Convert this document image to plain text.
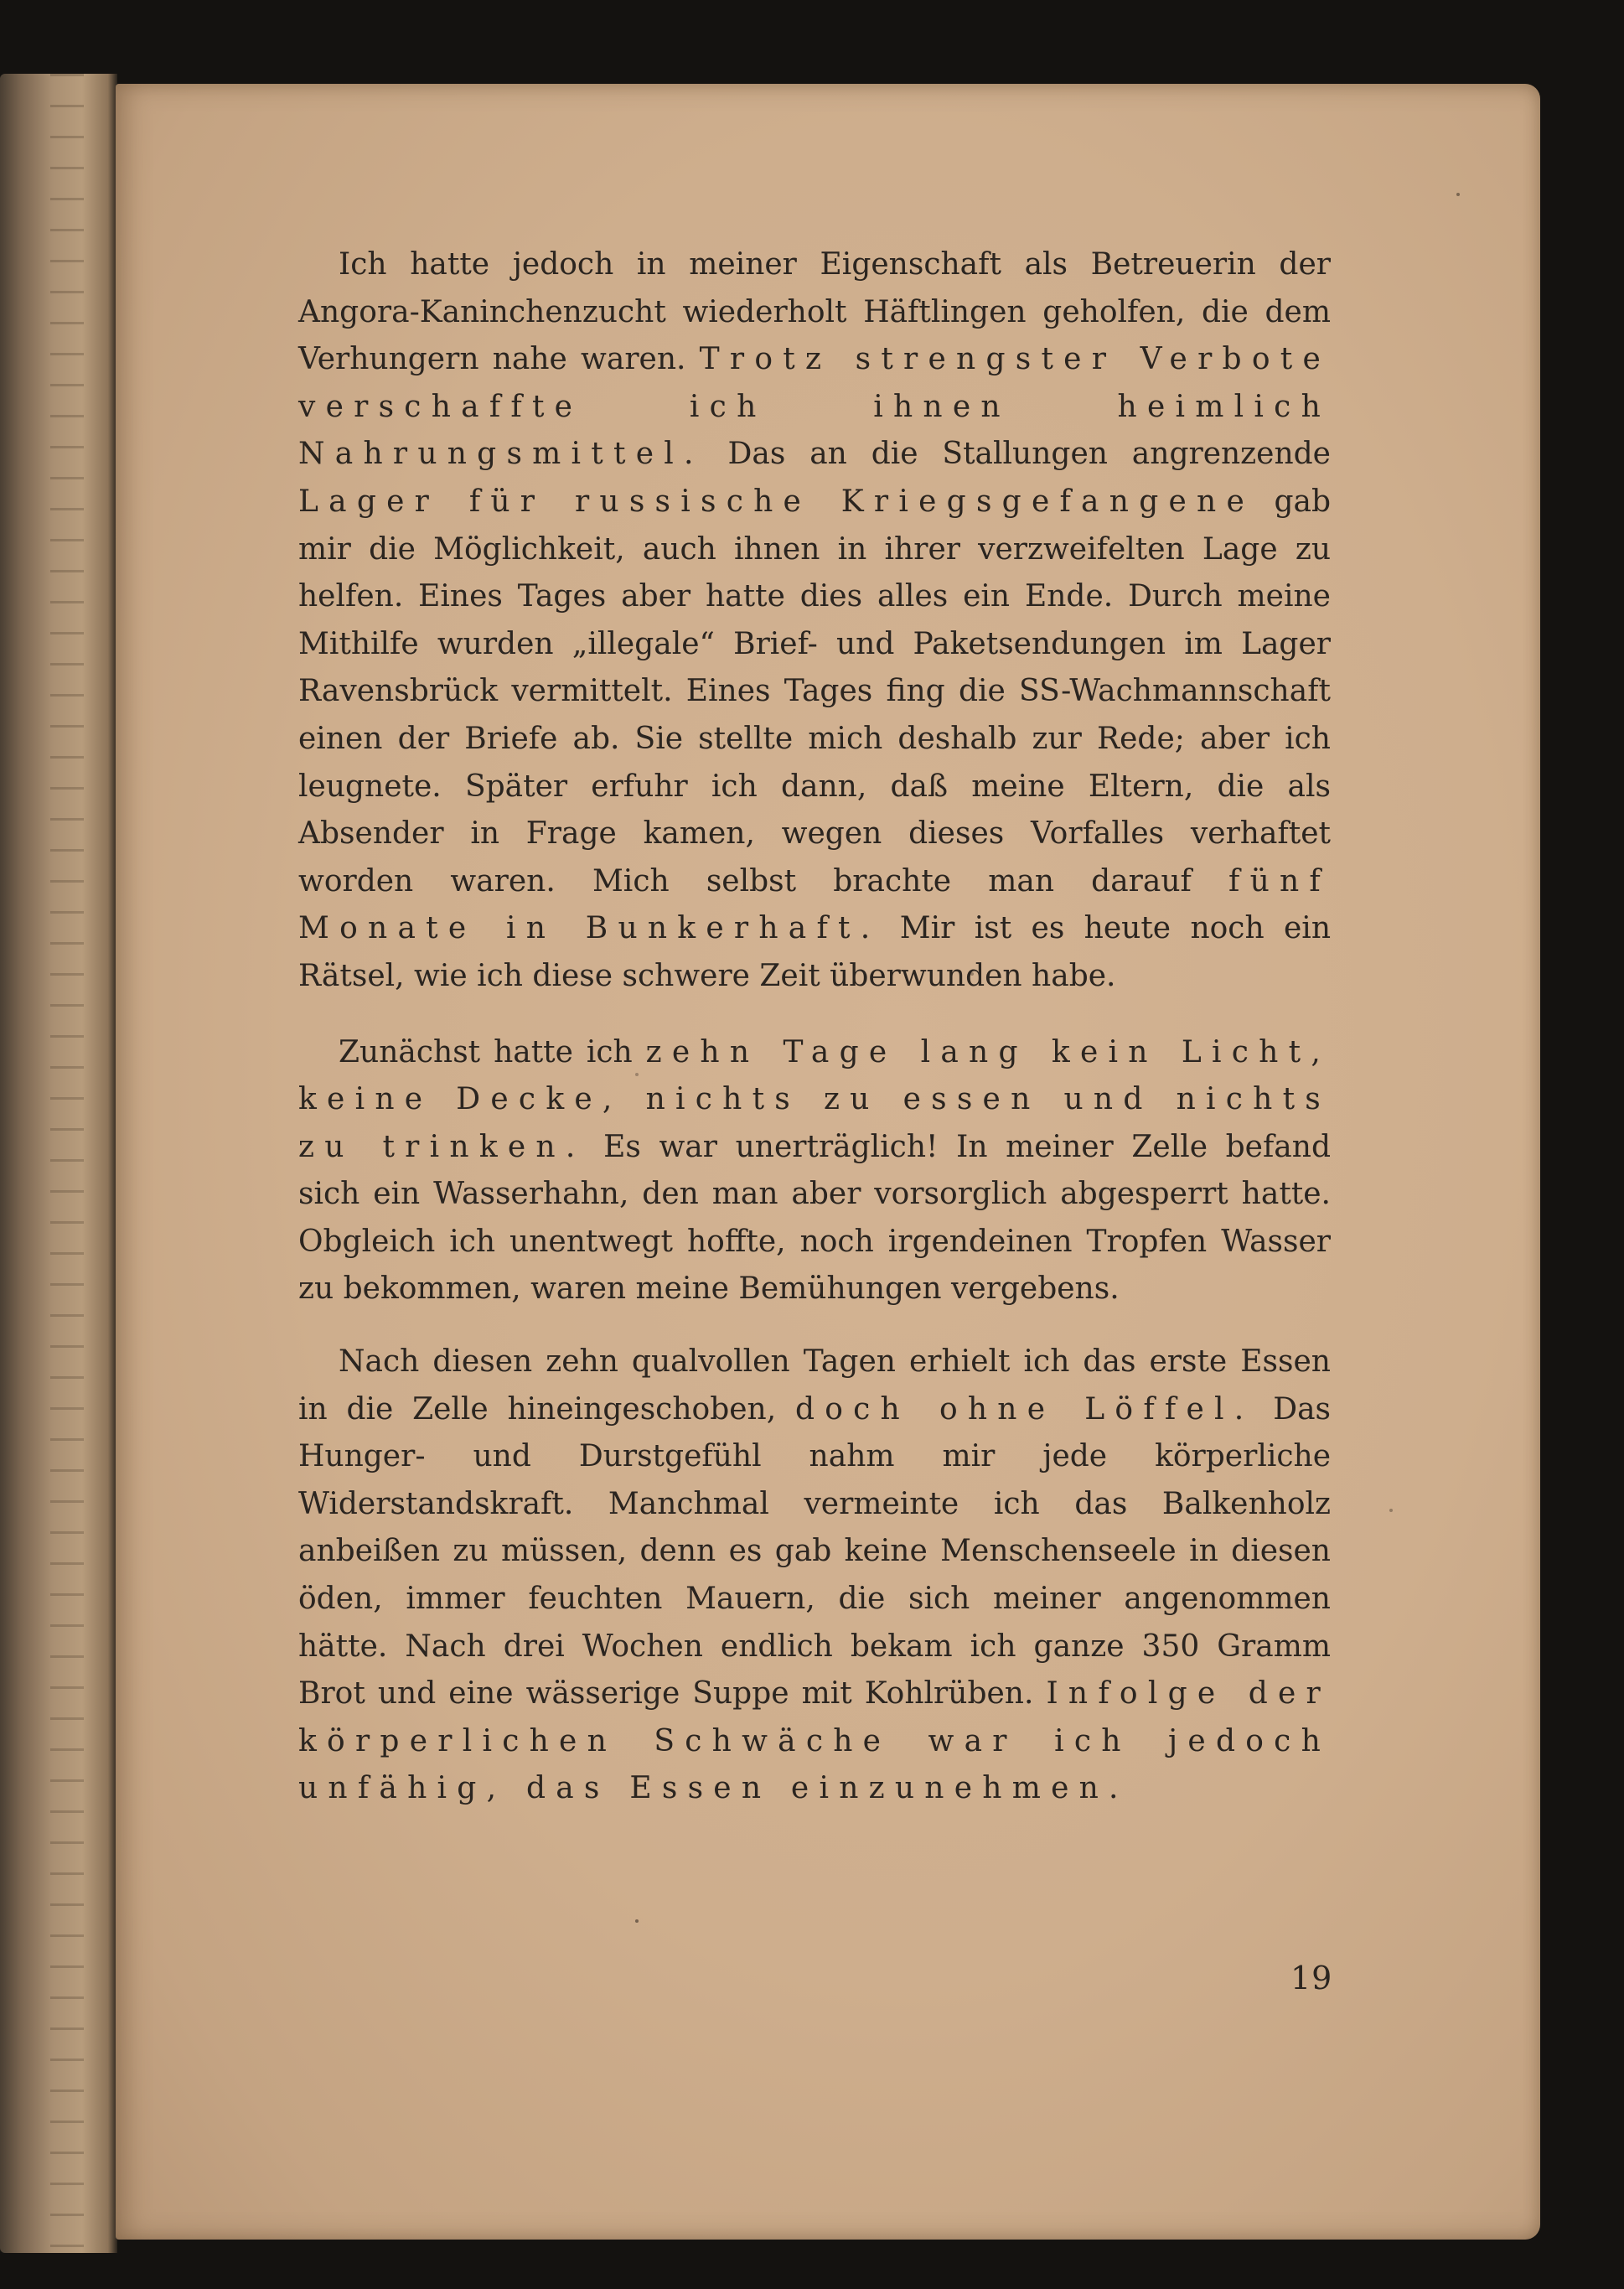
Ich hatte jedoch in meiner Eigenschaft als Betreuerin der Angora-Kaninchenzucht wiederholt Häftlingen geholfen, die dem Verhungern nahe waren. Trotz strengster Verbote verschaffte ich ihnen heimlich Nahrungsmittel. Das an die Stallungen angrenzende Lager für russische Kriegsgefangene gab mir die Möglichkeit, auch ihnen in ihrer verzweifelten Lage zu helfen. Eines Tages aber hatte dies alles ein Ende. Durch meine Mithilfe wurden „illegale“ Brief- und Paketsendungen im Lager Ravensbrück vermittelt. Eines Tages fing die SS-Wachmannschaft einen der Briefe ab. Sie stellte mich deshalb zur Rede; aber ich leugnete. Später erfuhr ich dann, daß meine Eltern, die als Absender in Frage kamen, wegen dieses Vorfalles verhaftet worden waren. Mich selbst brachte man darauf fünf Monate in Bunkerhaft. Mir ist es heute noch ein Rätsel, wie ich diese schwere Zeit überwunden habe.

Zunächst hatte ich zehn Tage lang kein Licht, keine Decke, nichts zu essen und nichts zu trinken. Es war unerträglich! In meiner Zelle befand sich ein Wasserhahn, den man aber vorsorglich abgesperrt hatte. Obgleich ich unentwegt hoffte, noch irgendeinen Tropfen Wasser zu bekommen, waren meine Bemühungen vergebens.

Nach diesen zehn qualvollen Tagen erhielt ich das erste Essen in die Zelle hineingeschoben, doch ohne Löffel. Das Hunger- und Durstgefühl nahm mir jede körperliche Widerstandskraft. Manchmal vermeinte ich das Balkenholz anbeißen zu müssen, denn es gab keine Menschenseele in diesen öden, immer feuchten Mauern, die sich meiner angenommen hätte. Nach drei Wochen endlich bekam ich ganze 350 Gramm Brot und eine wässerige Suppe mit Kohlrüben. Infolge der körperlichen Schwäche war ich jedoch unfähig, das Essen einzunehmen.

19
